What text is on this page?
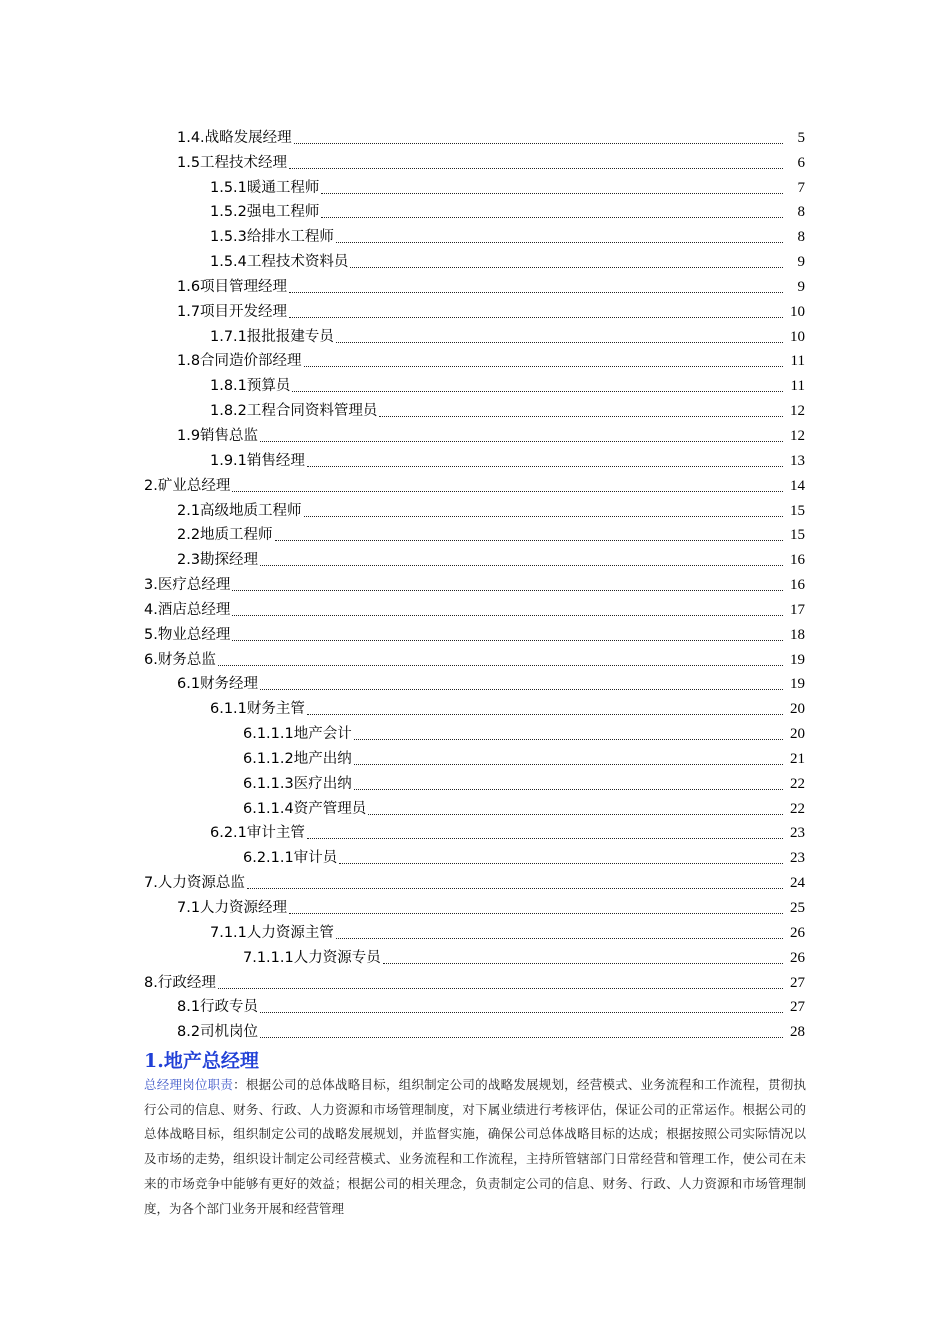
1.4.战略发展经理	5
1.5工程技术经理	6
1.5.1暖通工程师	7
1.5.2强电工程师	8
1.5.3给排水工程师	8
1.5.4工程技术资料员	9
1.6项目管理经理	9
1.7项目开发经理	10
1.7.1报批报建专员	10
1.8合同造价部经理	11
1.8.1预算员	11
1.8.2工程合同资料管理员	12
1.9销售总监	12
1.9.1销售经理	13
2.矿业总经理	14
2.1高级地质工程师	15
2.2地质工程师	15
2.3勘探经理	16
3.医疗总经理	16
4.酒店总经理	17
5.物业总经理	18
6.财务总监	19
6.1财务经理	19
6.1.1财务主管	20
6.1.1.1地产会计	20
6.1.1.2地产出纳	21
6.1.1.3医疗出纳	22
6.1.1.4资产管理员	22
6.2.1审计主管	23
6.2.1.1审计员	23
7.人力资源总监	24
7.1人力资源经理	25
7.1.1人力资源主管	26
7.1.1.1人力资源专员	26
8.行政经理	27
8.1行政专员	27
8.2司机岗位	28
1.地产总经理
总经理岗位职责：根据公司的总体战略目标，组织制定公司的战略发展规划，经营模式、业务流程和工作流程，贯彻执行公司的信息、财务、行政、人力资源和市场管理制度，对下属业绩进行考核评估，保证公司的正常运作。根据公司的总体战略目标，组织制定公司的战略发展规划，并监督实施，确保公司总体战略目标的达成；根据按照公司实际情况以及市场的走势，组织设计制定公司经营模式、业务流程和工作流程，主持所管辖部门日常经营和管理工作，使公司在未来的市场竞争中能够有更好的效益；根据公司的相关理念，负责制定公司的信息、财务、行政、人力资源和市场管理制度，为各个部门业务开展和经营管理
